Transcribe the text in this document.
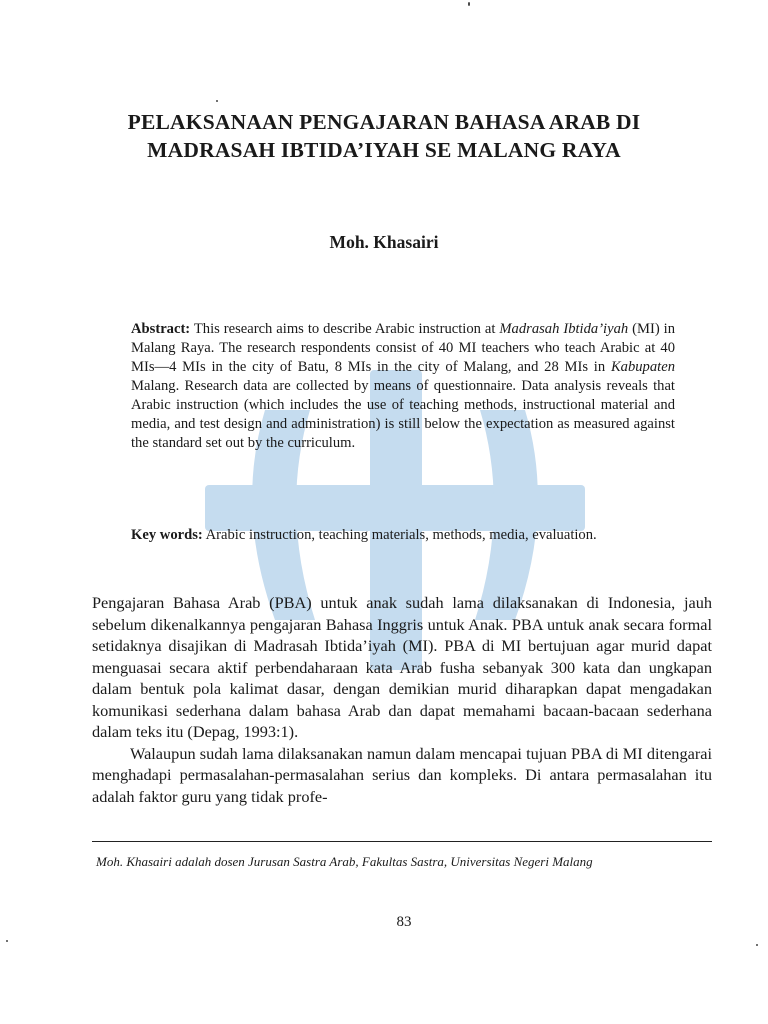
PELAKSANAAN PENGAJARAN BAHASA ARAB DI
MADRASAH IBTIDA’IYAH SE MALANG RAYA
Moh. Khasairi
Abstract: This research aims to describe Arabic instruction at Madrasah Ibtida’iyah (MI) in Malang Raya. The research respondents consist of 40 MI teachers who teach Arabic at 40 MIs—4 MIs in the city of Batu, 8 MIs in the city of Malang, and 28 MIs in Kabupaten Malang. Research data are collected by means of questionnaire. Data analysis reveals that Arabic instruction (which includes the use of teaching methods, instructional material and media, and test design and administration) is still below the expectation as measured against the standard set out by the curriculum.
Key words: Arabic instruction, teaching materials, methods, media, evaluation.

Pengajaran Bahasa Arab (PBA) untuk anak sudah lama dilaksanakan di Indonesia, jauh sebelum dikenalkannya pengajaran Bahasa Inggris untuk Anak. PBA untuk anak secara formal setidaknya disajikan di Madrasah Ibtida’iyah (MI). PBA di MI bertujuan agar murid dapat menguasai secara aktif perbendaharaan kata Arab fusha sebanyak 300 kata dan ungkapan dalam bentuk pola kalimat dasar, dengan demikian murid diharapkan dapat mengadakan komunikasi sederhana dalam bahasa Arab dan dapat memahami bacaan-bacaan sederhana dalam teks itu (Depag, 1993:1).

Walaupun sudah lama dilaksanakan namun dalam mencapai tujuan PBA di MI ditengarai menghadapi permasalahan-permasalahan serius dan kompleks. Di antara permasalahan itu adalah faktor guru yang tidak profe-

Moh. Khasairi adalah dosen Jurusan Sastra Arab, Fakultas Sastra, Universitas Negeri Malang
83
